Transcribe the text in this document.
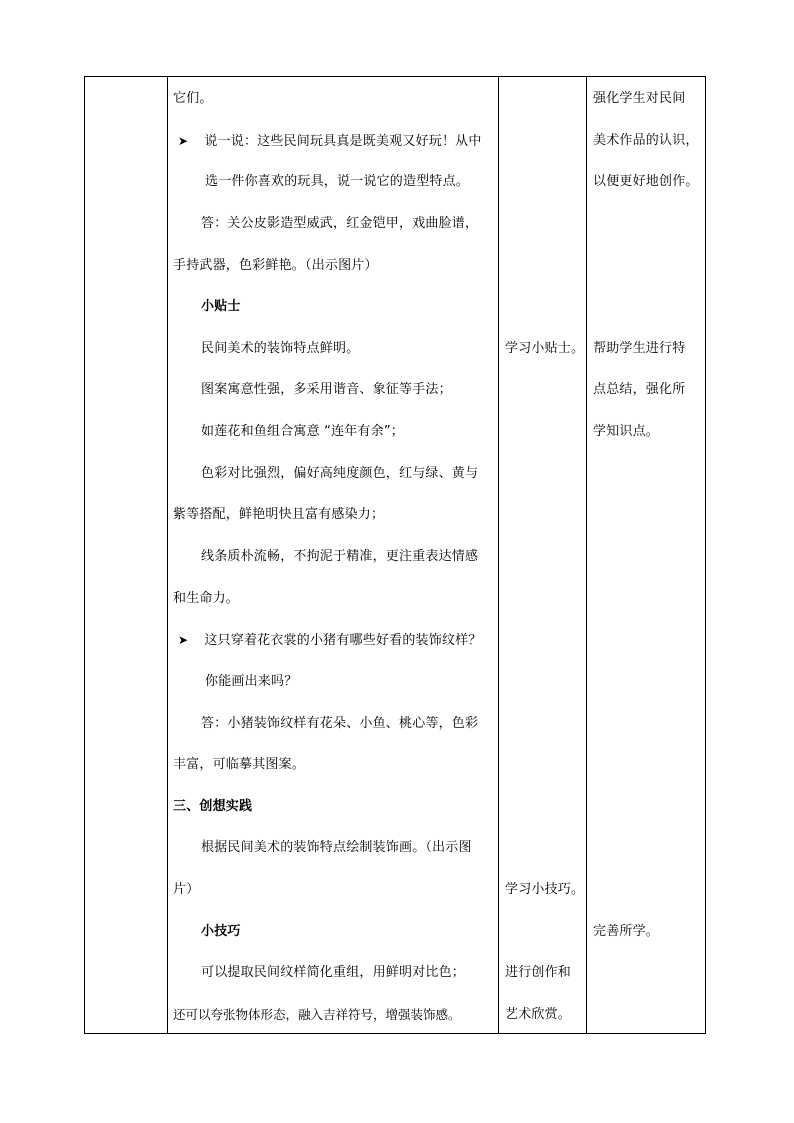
它们。
➤ 说一说：这些民间玩具真是既美观又好玩！从中
选一件你喜欢的玩具，说一说它的造型特点。
答：关公皮影造型威武，红金铠甲，戏曲脸谱，
手持武器，色彩鲜艳。（出示图片）
小贴士
民间美术的装饰特点鲜明。
图案寓意性强，多采用谐音、象征等手法；
如莲花和鱼组合寓意 “连年有余”；
色彩对比强烈，偏好高纯度颜色，红与绿、黄与
紫等搭配，鲜艳明快且富有感染力；
线条质朴流畅，不拘泥于精准，更注重表达情感
和生命力。
➤ 这只穿着花衣裳的小猪有哪些好看的装饰纹样？
你能画出来吗？
答：小猪装饰纹样有花朵、小鱼、桃心等，色彩
丰富，可临摹其图案。
三、创想实践
根据民间美术的装饰特点绘制装饰画。（出示图
片）
小技巧
可以提取民间纹样简化重组，用鲜明对比色；
还可以夸张物体形态，融入吉祥符号，增强装饰感。
学习小贴士。
学习小技巧。
进行创作和
艺术欣赏。
强化学生对民间
美术作品的认识，
以便更好地创作。
帮助学生进行特
点总结，强化所
学知识点。
完善所学。
